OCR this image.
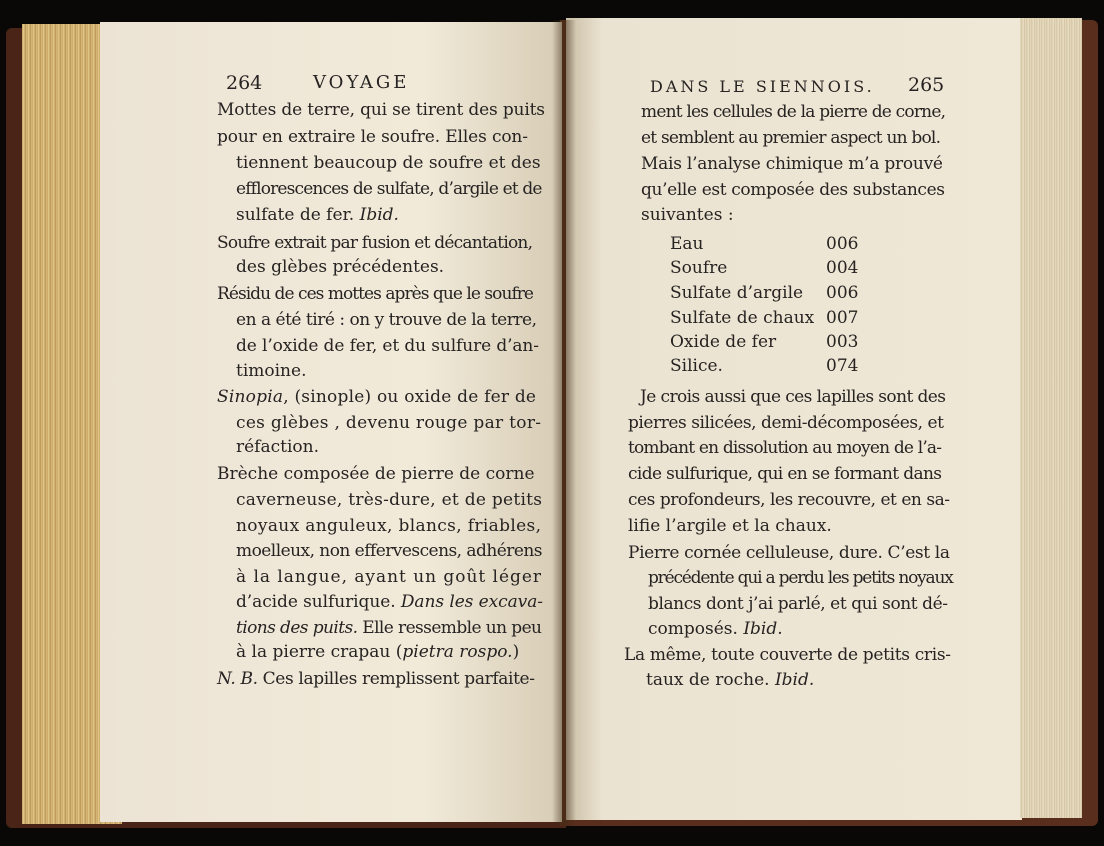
264	VOYAGE	DANS LE SIENNOIS. 265
Mottes de terre, qui se tirent des puits
pour en extraire le soufre. Elles con-
tiennent beaucoup de soufre et des
efflorescences de sulfate, d’argile et de
sulfate de fer. Ibid.
Soufre extrait par fusion et décantation,
des glèbes précédentes.
Résidu de ces mottes après que le soufre
en a été tiré : on y trouve de la terre,
de l’oxide de fer, et du sulfure d’an-
timoine.
Sinopia, (sinople) ou oxide de fer de
ces glèbes , devenu rouge par tor-
réfaction.
Brèche composée de pierre de corne
caverneuse, très-dure, et de petits
noyaux anguleux, blancs, friables,
moelleux, non effervescens, adhérens
à la langue, ayant un goût léger
d’acide sulfurique. Dans les excava-
tions des puits. Elle ressemble un peu
à la pierre crapau (pietra rospo.)
N. B. Ces lapilles remplissent parfaite-
ment les cellules de la pierre de corne,
et semblent au premier aspect un bol.
Mais l’analyse chimique m’a prouvé
qu’elle est composée des substances
suivantes :
Eau	006
Soufre	004
Sulfate d’argile 006
Sulfate de chaux 007
Oxide de fer	003
Silice.	074
Je crois aussi que ces lapilles sont des
pierres silicées, demi-décomposées, et
tombant en dissolution au moyen de l’a-
cide sulfurique, qui en se formant dans
ces profondeurs, les recouvre, et en sa-
lifie l’argile et la chaux.
Pierre cornée celluleuse, dure. C’est la
précédente qui a perdu les petits noyaux
blancs dont j’ai parlé, et qui sont dé-
composés. Ibid.
La même, toute couverte de petits cris-
taux de roche. Ibid.
